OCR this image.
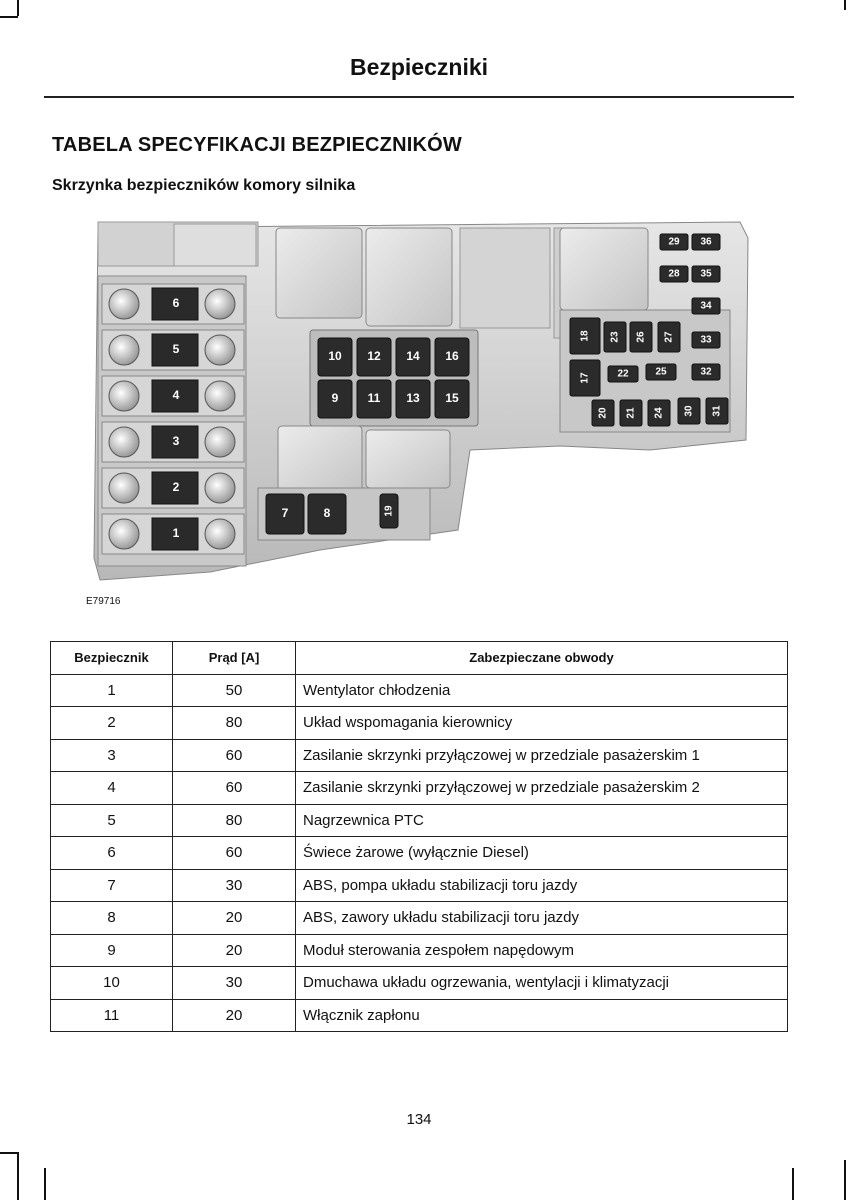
Bezpieczniki
TABELA SPECYFIKACJI BEZPIECZNIKÓW
Skrzynka bezpieczników komory silnika
6
5
4
3
2
1
10 12 14 16
9 11 13 15
7	8	19
29 36
28 35
34
18 23 26 27	33
17	22	25	32
20 21 24 30 31
E79716
Bezpiecznik	Prąd [A]	Zabezpieczane obwody
1	50	Wentylator chłodzenia
2	80	Układ wspomagania kierownicy
3	60	Zasilanie skrzynki przyłączowej w przedziale pasażerskim 1
4	60	Zasilanie skrzynki przyłączowej w przedziale pasażerskim 2
5	80	Nagrzewnica PTC
6	60	Świece żarowe (wyłącznie Diesel)
7	30	ABS, pompa układu stabilizacji toru jazdy
8	20	ABS, zawory układu stabilizacji toru jazdy
9	20	Moduł sterowania zespołem napędowym
10	30	Dmuchawa układu ogrzewania, wentylacji i klimatyzacji
11	20	Włącznik zapłonu
134
